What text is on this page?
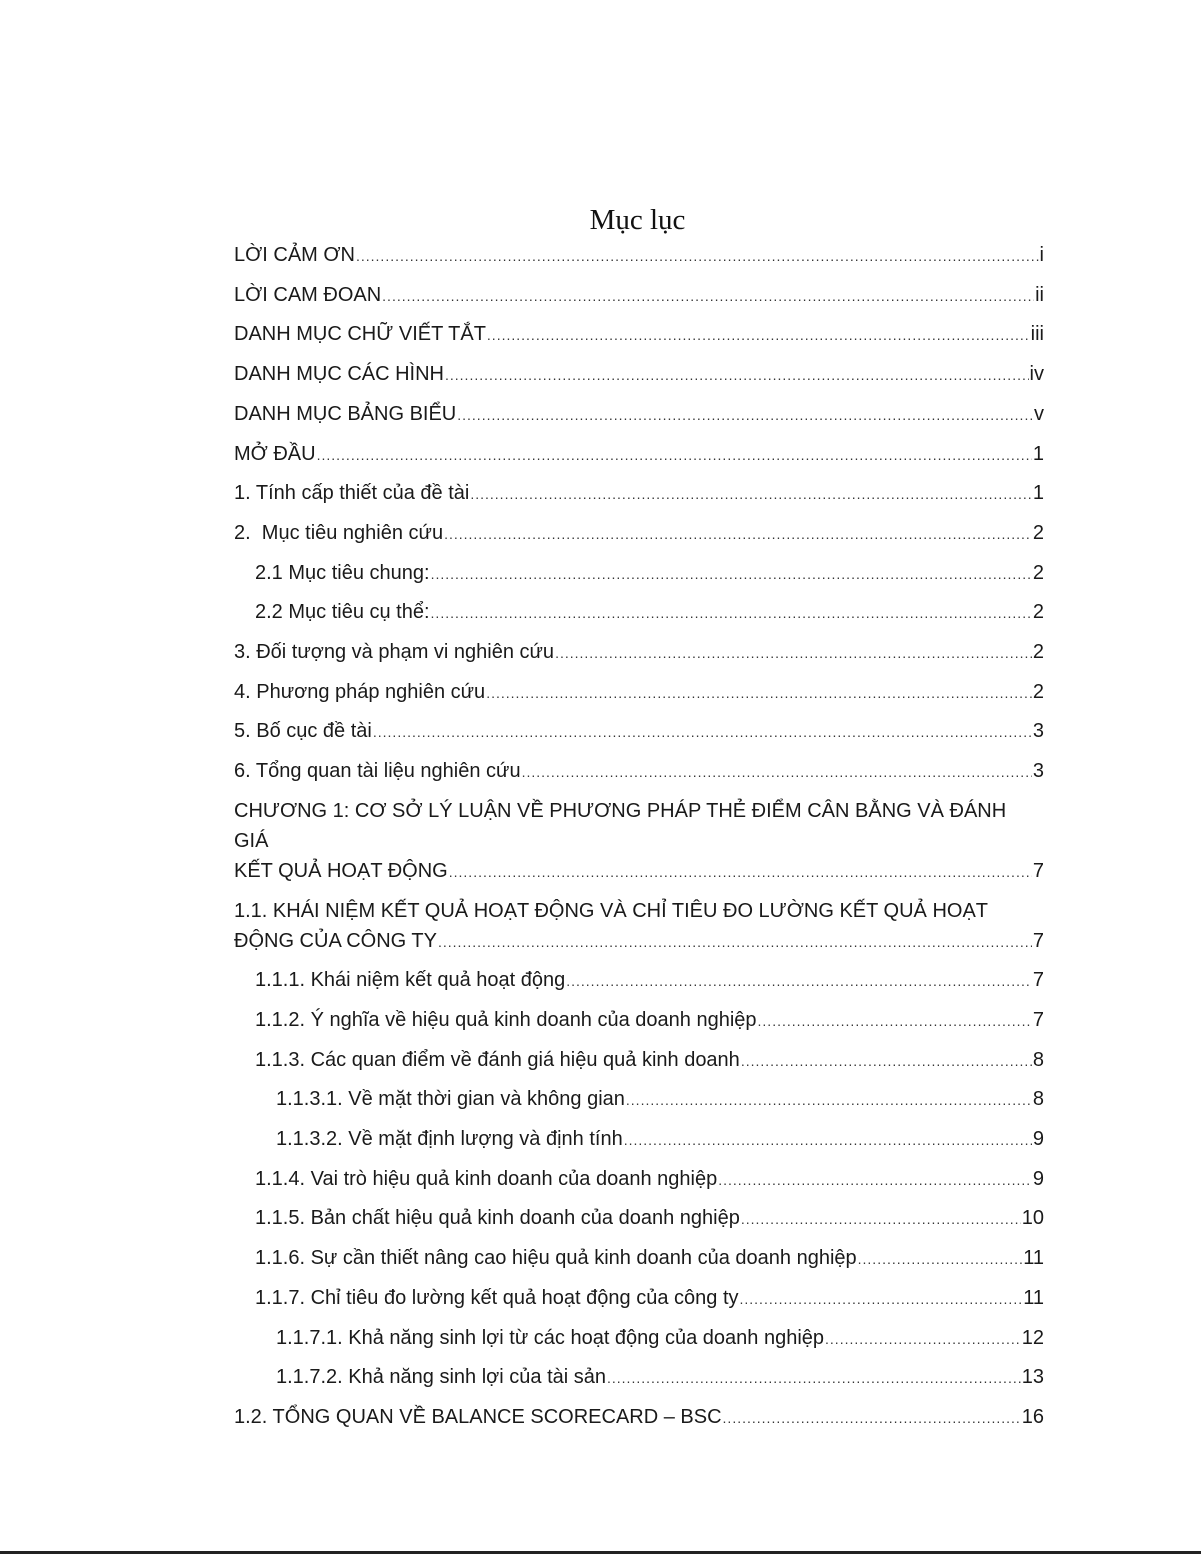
Mục lục
LỜI CẢM ƠN .....	i
LỜI CAM ĐOAN .....	ii
DANH MỤC CHỮ VIẾT TẮT .....	iii
DANH MỤC CÁC HÌNH .....	iv
DANH MỤC BẢNG BIỂU .....	v
MỞ ĐẦU .....	1
1. Tính cấp thiết của đề tài .....	1
2.  Mục tiêu nghiên cứu .....	2
2.1 Mục tiêu chung: .....	2
2.2 Mục tiêu cụ thể: .....	2
3. Đối tượng và phạm vi nghiên cứu .....	2
4. Phương pháp nghiên cứu .....	2
5. Bố cục đề tài .....	3
6. Tổng quan tài liệu nghiên cứu .....	3
CHƯƠNG 1: CƠ SỞ LÝ LUẬN VỀ PHƯƠNG PHÁP THẺ ĐIỂM CÂN BẰNG VÀ ĐÁNH GIÁ
KẾT QUẢ HOẠT ĐỘNG .....	7
1.1. KHÁI NIỆM KẾT QUẢ HOẠT ĐỘNG VÀ CHỈ TIÊU ĐO LƯỜNG KẾT QUẢ HOẠT
ĐỘNG CỦA CÔNG TY .....	7
1.1.1. Khái niệm kết quả hoạt động .....	7
1.1.2. Ý nghĩa về hiệu quả kinh doanh của doanh nghiệp .....	7
1.1.3. Các quan điểm về đánh giá hiệu quả kinh doanh .....	8
1.1.3.1. Về mặt thời gian và không gian .....	8
1.1.3.2. Về mặt định lượng và định tính .....	9
1.1.4. Vai trò hiệu quả kinh doanh của doanh nghiệp .....	9
1.1.5. Bản chất hiệu quả kinh doanh của doanh nghiệp .....	10
1.1.6. Sự cần thiết nâng cao hiệu quả kinh doanh của doanh nghiệp .....	11
1.1.7. Chỉ tiêu đo lường kết quả hoạt động của công ty .....	11
1.1.7.1. Khả năng sinh lợi từ các hoạt động của doanh nghiệp .....	12
1.1.7.2. Khả năng sinh lợi của tài sản .....	13
1.2. TỔNG QUAN VỀ BALANCE SCORECARD – BSC .....	16
